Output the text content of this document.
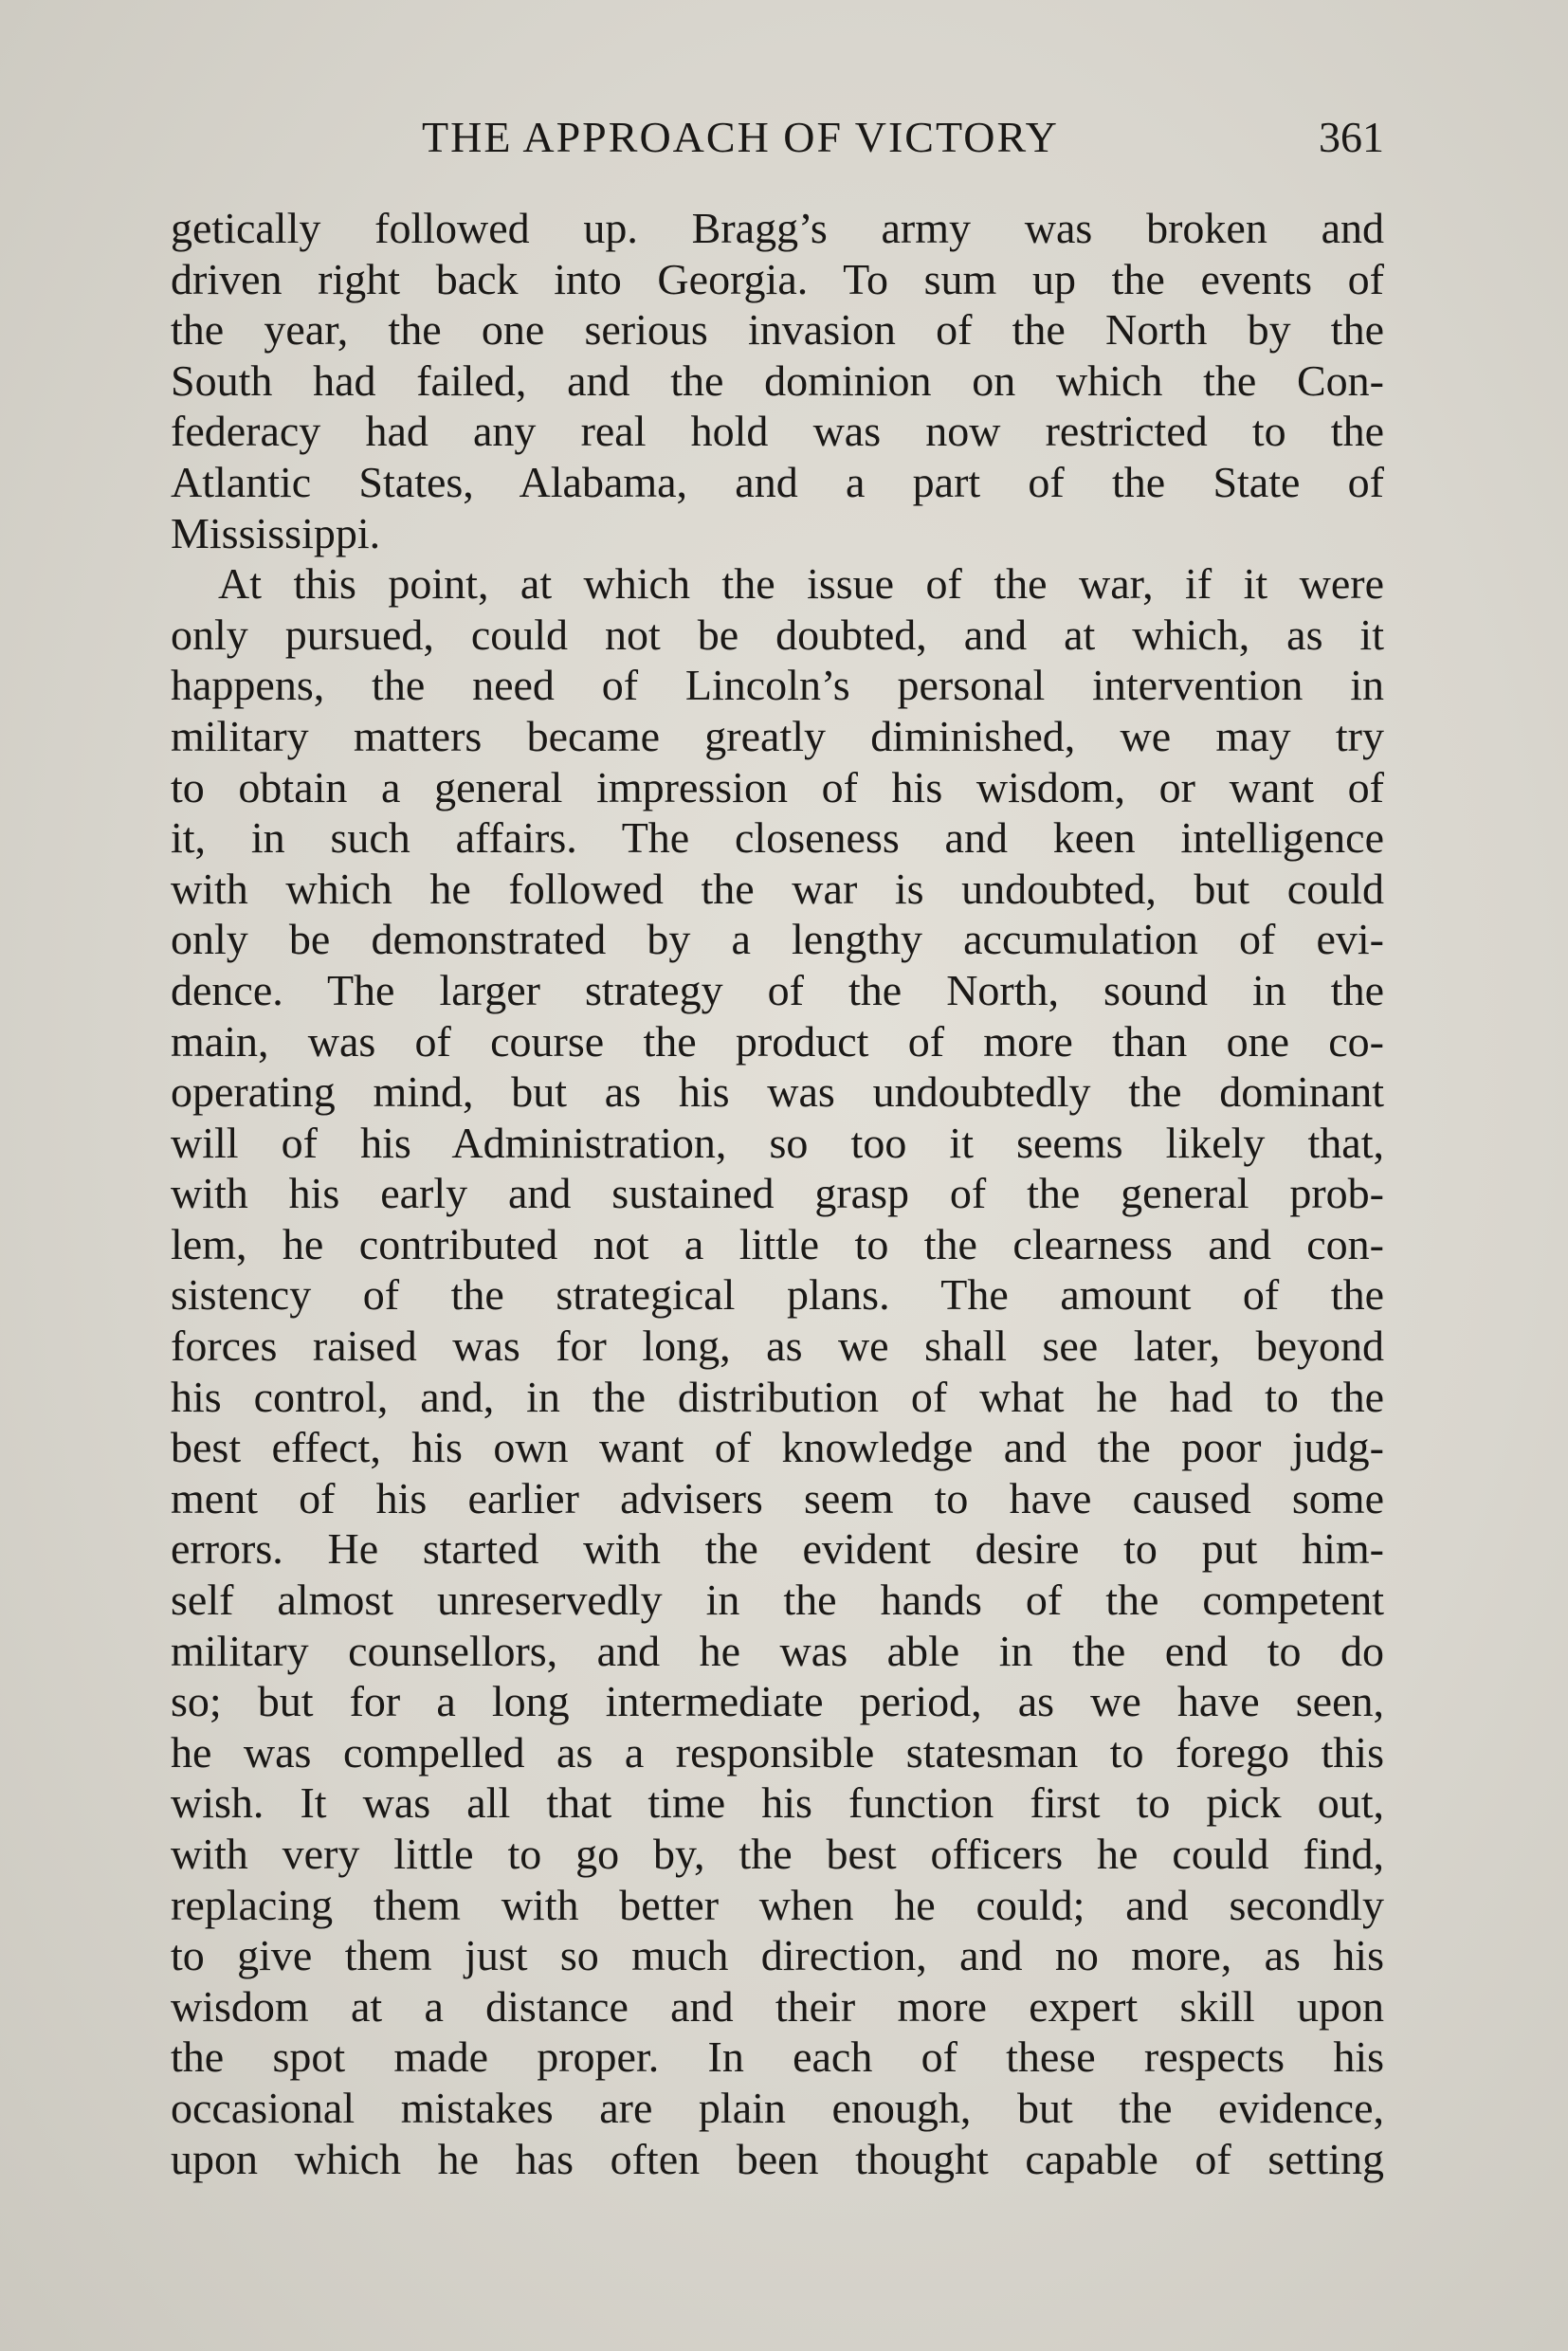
THE APPROACH OF VICTORY	361
getically followed up. Bragg’s army was broken and
driven right back into Georgia. To sum up the events of
the year, the one serious invasion of the North by the
South had failed, and the dominion on which the Con-
federacy had any real hold was now restricted to the
Atlantic States, Alabama, and a part of the State of
Mississippi.
At this point, at which the issue of the war, if it were
only pursued, could not be doubted, and at which, as it
happens, the need of Lincoln’s personal intervention in
military matters became greatly diminished, we may try
to obtain a general impression of his wisdom, or want of
it, in such affairs. The closeness and keen intelligence
with which he followed the war is undoubted, but could
only be demonstrated by a lengthy accumulation of evi-
dence. The larger strategy of the North, sound in the
main, was of course the product of more than one co-
operating mind, but as his was undoubtedly the dominant
will of his Administration, so too it seems likely that,
with his early and sustained grasp of the general prob-
lem, he contributed not a little to the clearness and con-
sistency of the strategical plans. The amount of the
forces raised was for long, as we shall see later, beyond
his control, and, in the distribution of what he had to the
best effect, his own want of knowledge and the poor judg-
ment of his earlier advisers seem to have caused some
errors. He started with the evident desire to put him-
self almost unreservedly in the hands of the competent
military counsellors, and he was able in the end to do
so; but for a long intermediate period, as we have seen,
he was compelled as a responsible statesman to forego this
wish. It was all that time his function first to pick out,
with very little to go by, the best officers he could find,
replacing them with better when he could; and secondly
to give them just so much direction, and no more, as his
wisdom at a distance and their more expert skill upon
the spot made proper. In each of these respects his
occasional mistakes are plain enough, but the evidence,
upon which he has often been thought capable of setting
